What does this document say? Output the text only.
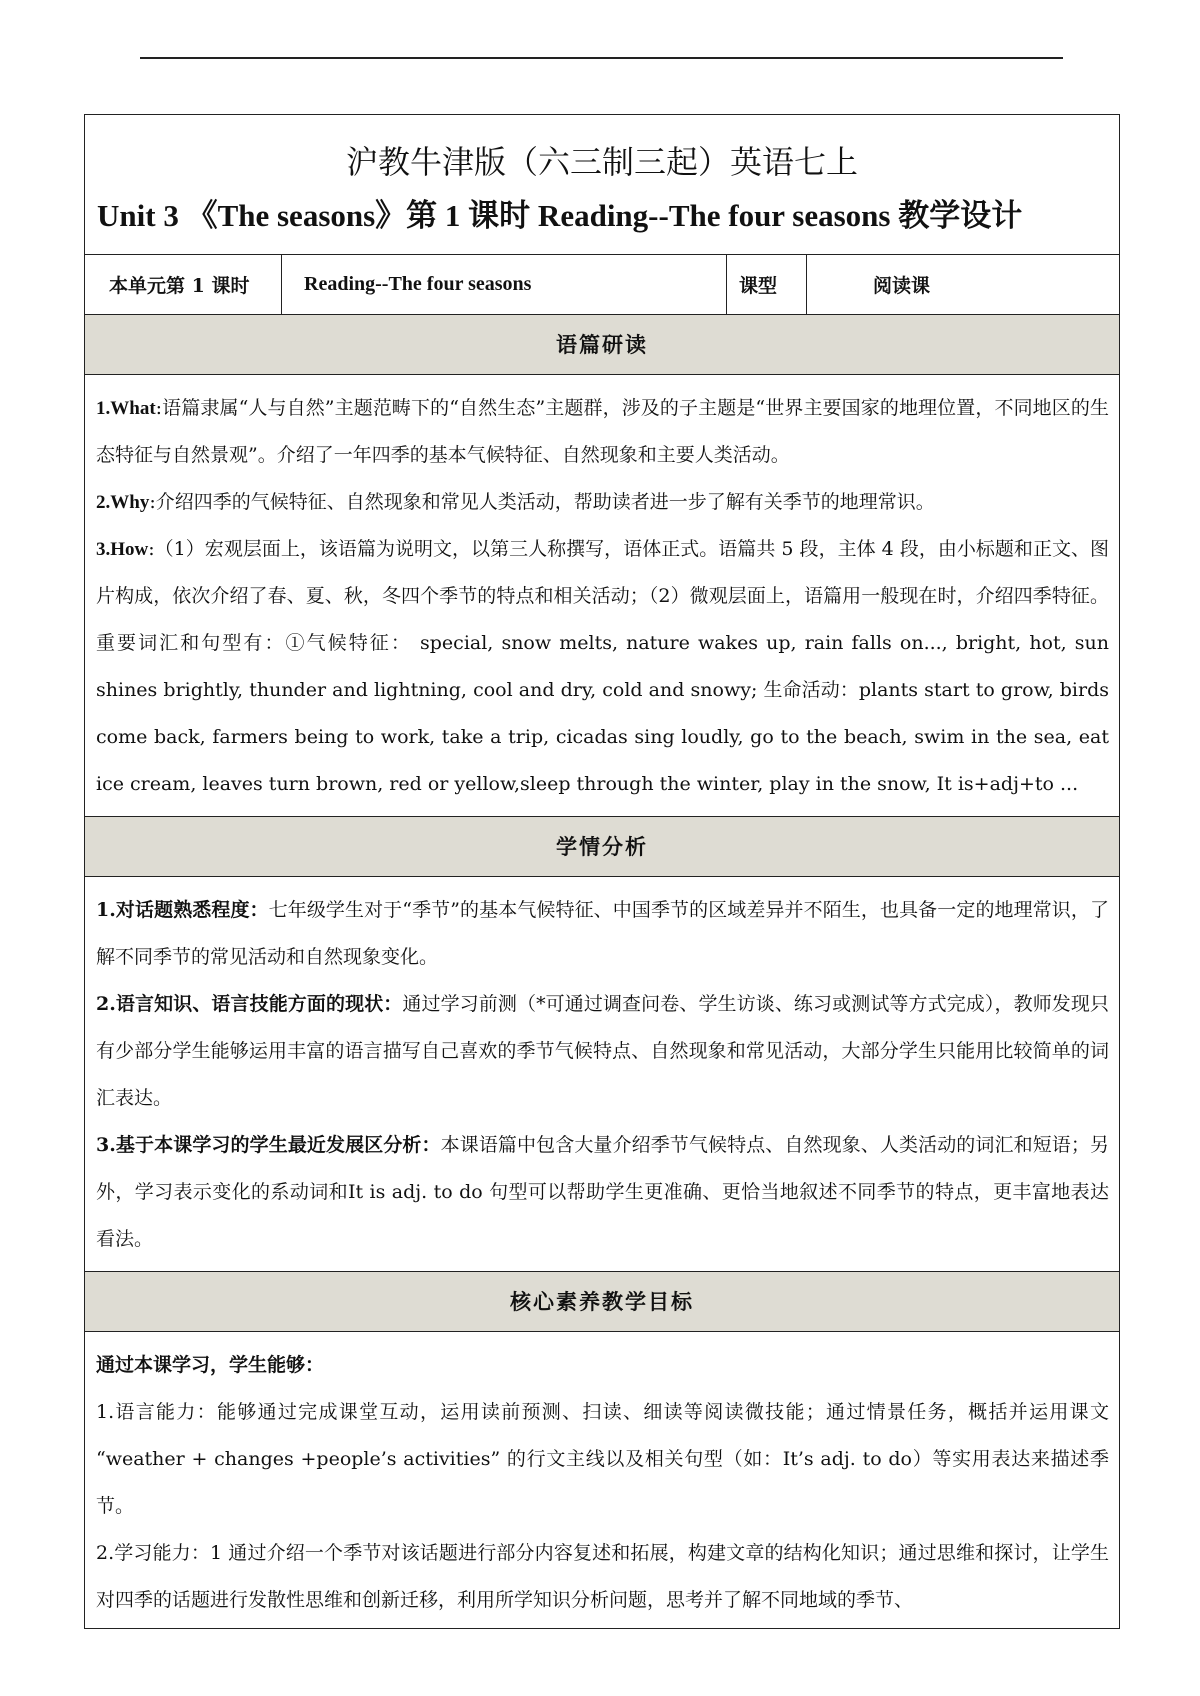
沪教牛津版（六三制三起）英语七上
Unit 3 《The seasons》第 1 课时 Reading--The four seasons 教学设计
本单元第 1 课时	Reading--The four seasons	课型	阅读课
语篇研读

1.What:语篇隶属“人与自然”主题范畴下的“自然生态”主题群，涉及的子主题是“世界主要国家的地理位置，不同地区的生态特征与自然景观”。介绍了一年四季的基本气候特征、自然现象和主要人类活动。

2.Why:介绍四季的气候特征、自然现象和常见人类活动，帮助读者进一步了解有关季节的地理常识。

3.How:（1）宏观层面上，该语篇为说明文，以第三人称撰写，语体正式。语篇共 5 段，主体 4 段，由小标题和正文、图片构成，依次介绍了春、夏、秋，冬四个季节的特点和相关活动；（2）微观层面上，语篇用一般现在时，介绍四季特征。重要词汇和句型有：①气候特征： special, snow melts, nature wakes up, rain falls on..., bright, hot, sun shines brightly, thunder and lightning, cool and dry, cold and snowy; 生命活动：plants start to grow, birds come back, farmers being to work, take a trip, cicadas sing loudly, go to the beach, swim in the sea, eat ice cream, leaves turn brown, red or yellow,sleep through the winter, play in the snow, It is+adj+to ...

学情分析

1.对话题熟悉程度：七年级学生对于“季节”的基本气候特征、中国季节的区域差异并不陌生，也具备一定的地理常识，了解不同季节的常见活动和自然现象变化。

2.语言知识、语言技能方面的现状：通过学习前测（*可通过调查问卷、学生访谈、练习或测试等方式完成），教师发现只有少部分学生能够运用丰富的语言描写自己喜欢的季节气候特点、自然现象和常见活动，大部分学生只能用比较简单的词汇表达。

3.基于本课学习的学生最近发展区分析：本课语篇中包含大量介绍季节气候特点、自然现象、人类活动的词汇和短语；另外，学习表示变化的系动词和It is adj. to do 句型可以帮助学生更准确、更恰当地叙述不同季节的特点，更丰富地表达看法。

核心素养教学目标

通过本课学习，学生能够：

1.语言能力：能够通过完成课堂互动，运用读前预测、扫读、细读等阅读微技能；通过情景任务，概括并运用课文 “weather + changes +people’s activities” 的行文主线以及相关句型（如：It’s adj. to do）等实用表达来描述季节。

2.学习能力：1 通过介绍一个季节对该话题进行部分内容复述和拓展，构建文章的结构化知识；通过思维和探讨，让学生对四季的话题进行发散性思维和创新迁移，利用所学知识分析问题，思考并了解不同地域的季节、
